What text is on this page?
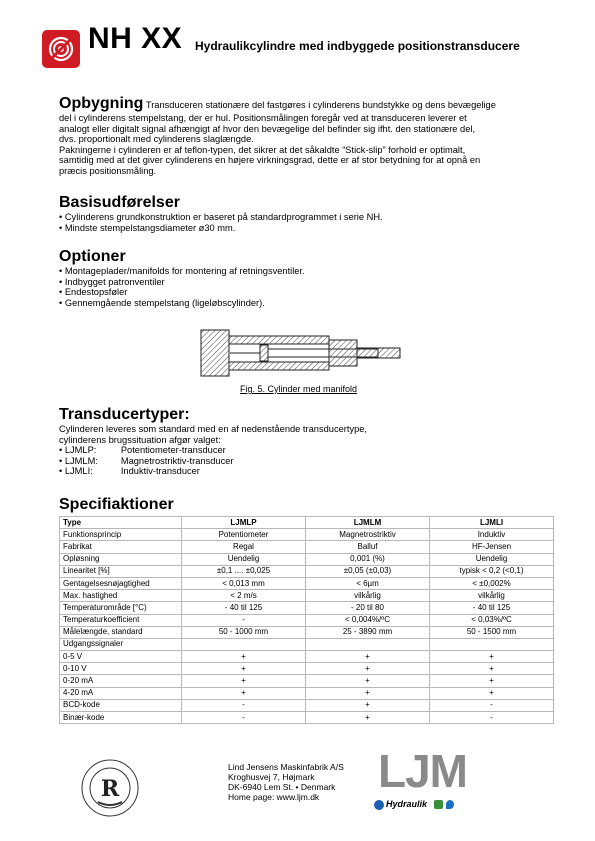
NH XX Hydraulikcylindre med indbyggede positionstransducere

Opbygning Transduceren stationære del fastgøres i cylinderens bundstykke og dens bevægelige

del i cylinderens stempelstang, der er hul. Positionsmålingen foregår ved at transduceren leverer et

analogt eller digitalt signal afhængigt af hvor den bevægelige del befinder sig ifht. den stationære del,

dvs. proportionalt med cylinderens slaglængde.

Pakningerne i cylinderen er af teflon-typen, det sikrer at det såkaldte “Stick-slip” forhold er optimalt,

samtidig med at det giver cylinderens en højere virkningsgrad, dette er af stor betydning for at opnå en

præcis positionsmåling.

Basisudførelser
• Cylinderens grundkonstruktion er baseret på standardprogrammet i serie NH.
• Mindste stempelstangsdiameter ø30 mm.
Optioner
• Montageplader/manifolds for montering af retningsventiler.
• Indbygget patronventiler
• Endestopsføler
• Gennemgående stempelstang (ligeløbscylinder).
Fig. 5. Cylinder med manifold
Transducertyper:

Cylinderen leveres som standard med en af nedenstående transducertype,

cylinderens brugssituation afgør valget:

• LJMLP:	Potentiometer-transducer
• LJMLM: Magnetrostriktiv-transducer
• LJMLI:	Induktiv-transducer
Specifiaktioner
Type	LJMLP	LJMLM	LJMLI
Funktionsprincip	Potentiometer	Magnetrostriktiv	Induktiv
Fabrikat	Regal	Balluf	HF-Jensen
Opløsning	Uendelig	0,001 (%)	Uendelig
Linearitet [%]	±0,1 .... ±0,025	±0,05 (±0,03)	typisk < 0,2 (<0,1)
Gentagelsesnøjagtighed	< 0,013 mm	< 6µm	< ±0,002%
Max. hastighed	< 2 m/s	vilkårlig	vilkårlig
Temperaturområde [°C)	- 40 til 125	- 20 til 80	- 40 til 125
Temperaturkoefficient	-	< 0,004%/ºC	< 0,03%/ºC
Målelængde, standard	50 - 1000 mm	25 - 3890 mm	50 - 1500 mm
Udgangssignaler			
0-5 V	+	+	+
0-10 V	+	+	+
0-20 mA	+	+	+
4-20 mA	+	+	+
BCD-kode	-	+	-
Binær-kode	-	+	-
R
Lind Jensens Maskinfabrik A/S
Kroghusvej 7, Højmark
DK-6940 Lem St. • Denmark
Home page: www.ljm.dk	LJM
Hydraulik
